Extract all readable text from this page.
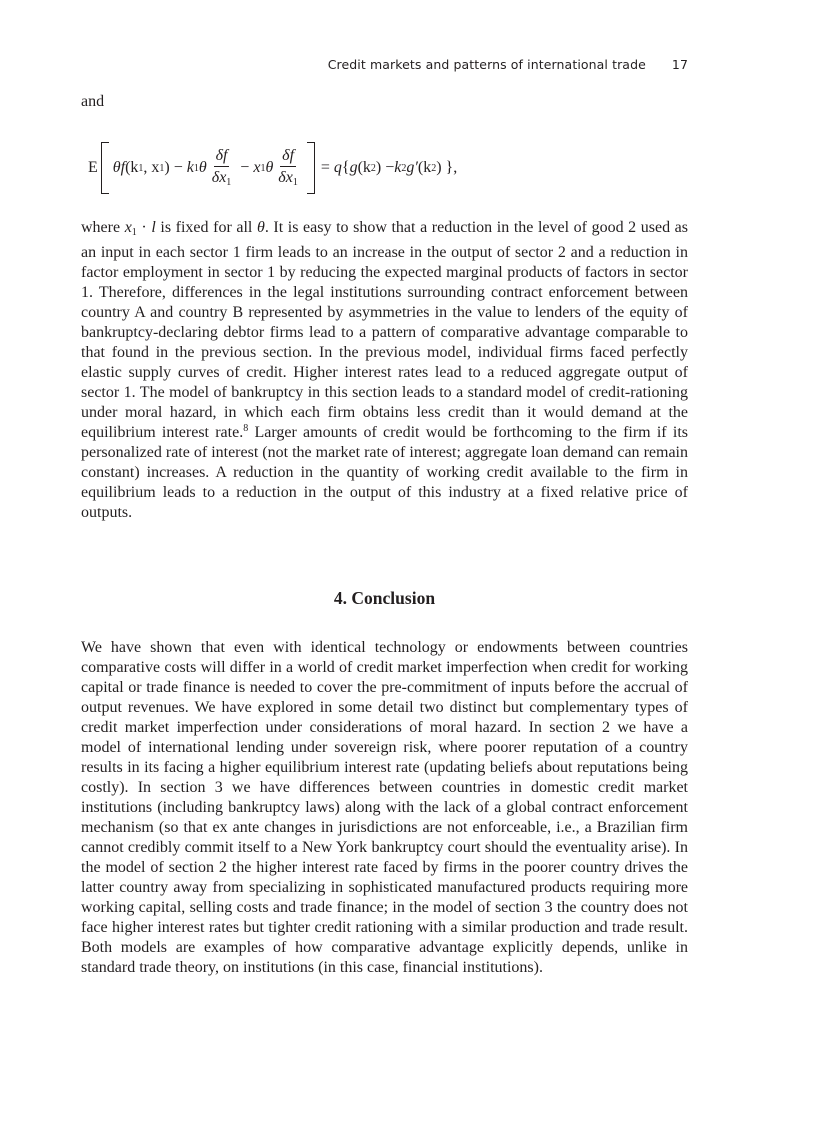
Credit markets and patterns of international trade 17
and
E θ f (k 1 , x 1 )
−
k 1 θ $\frac{\delta f}{\delta x_1}$
−
x 1 θ $\frac{\delta f}{\delta x_1}$ =
q { g (k 2 )
− k 2 g′ (k 2 ) },

where $x_1 \cdot l$ is fixed for all θ. It is easy to show that a reduction in the level of good 2 used as an input in each sector 1 firm leads to an increase in the output of sector 2 and a reduction in factor employment in sector 1 by reducing the expected marginal products of factors in sector 1. Therefore, differences in the legal institutions surrounding contract enforcement between country A and country B represented by asymmetries in the value to lenders of the equity of bankruptcy-declaring debtor firms lead to a pattern of comparative advantage comparable to that found in the previous section. In the previous model, individual firms faced perfectly elastic supply curves of credit. Higher interest rates lead to a reduced aggregate output of sector 1. The model of bankruptcy in this section leads to a standard model of credit-rationing under moral hazard, in which each firm obtains less credit than it would demand at the equilibrium interest rate.$^8$ Larger amounts of credit would be forthcoming to the firm if its personalized rate of interest (not the market rate of interest; aggregate loan demand can remain constant) increases. A reduction in the quantity of working credit available to the firm in equilibrium leads to a reduction in the output of this industry at a fixed relative price of outputs.

4. Conclusion

We have shown that even with identical technology or endowments between countries comparative costs will differ in a world of credit market imperfection when credit for working capital or trade finance is needed to cover the pre-commitment of inputs before the accrual of output revenues. We have explored in some detail two distinct but complementary types of credit market imperfection under considerations of moral hazard. In section 2 we have a model of international lending under sovereign risk, where poorer reputation of a country results in its facing a higher equilibrium interest rate (updating beliefs about reputations being costly). In section 3 we have differences between countries in domestic credit market institutions (including bankruptcy laws) along with the lack of a global contract enforcement mechanism (so that ex ante changes in jurisdictions are not enforceable, i.e., a Brazilian firm cannot credibly commit itself to a New York bankruptcy court should the eventuality arise). In the model of section 2 the higher interest rate faced by firms in the poorer country drives the latter country away from specializing in sophisticated manufactured products requiring more working capital, selling costs and trade finance; in the model of section 3 the country does not face higher interest rates but tighter credit rationing with a similar production and trade result. Both models are examples of how comparative advantage explicitly depends, unlike in standard trade theory, on institutions (in this case, financial institutions).
